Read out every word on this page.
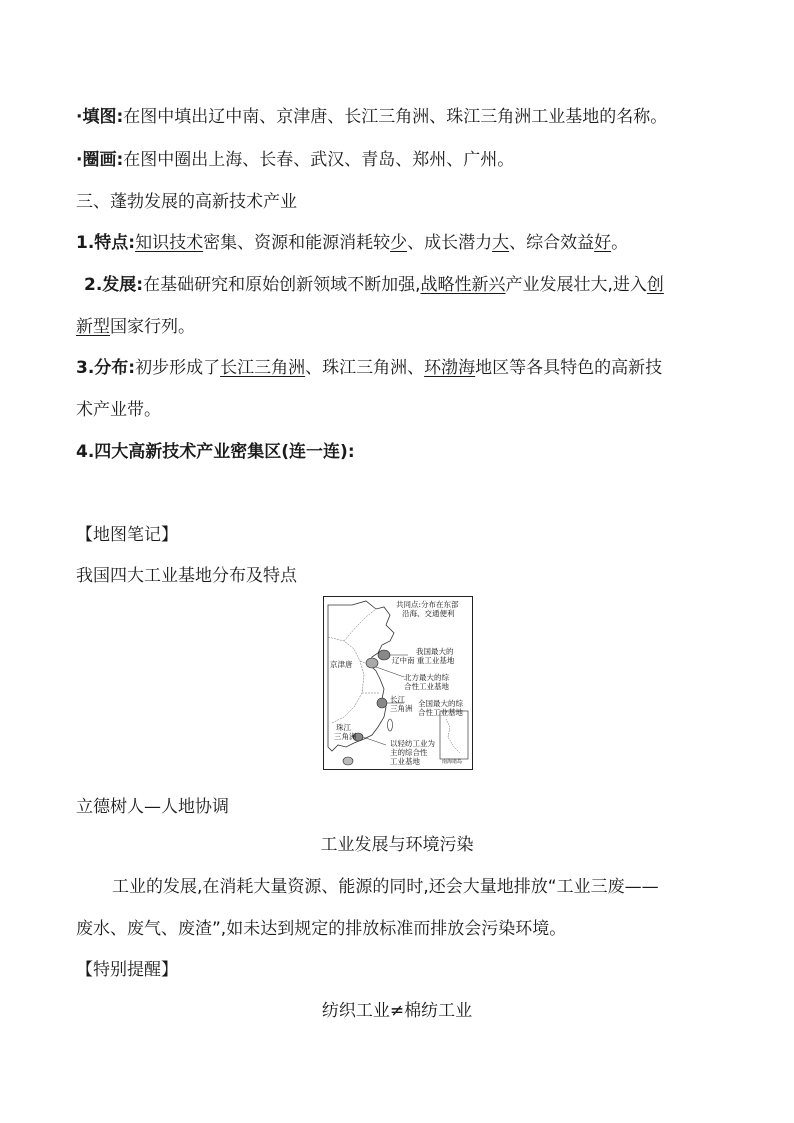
·填图:在图中填出辽中南、京津唐、长江三角洲、珠江三角洲工业基地的名称。
·圈画:在图中圈出上海、长春、武汉、青岛、郑州、广州。
三、蓬勃发展的高新技术产业
1.特点:知识技术密集、资源和能源消耗较少、成长潜力大、综合效益好。
2.发展:在基础研究和原始创新领域不断加强,战略性新兴产业发展壮大,进入创
新型国家行列。
3.分布:初步形成了长江三角洲、珠江三角洲、环渤海地区等各具特色的高新技
术产业带。
4.四大高新技术产业密集区(连一连):
【地图笔记】
我国四大工业基地分布及特点
共同点:分布在东部
沿海、交通便利
我国最大的
辽中南 重工业基地
京津唐
北方最大的综
合性工业基地
长江
三角洲
全国最大的综
合性工业基地
珠江
三角洲
以轻纺工业为
主的综合性
工业基地	南海诸岛
立德树人—人地协调
工业发展与环境污染
工业的发展,在消耗大量资源、能源的同时,还会大量地排放“工业三废——
废水、废气、废渣”,如未达到规定的排放标准而排放会污染环境。
【特别提醒】
纺织工业≠棉纺工业
